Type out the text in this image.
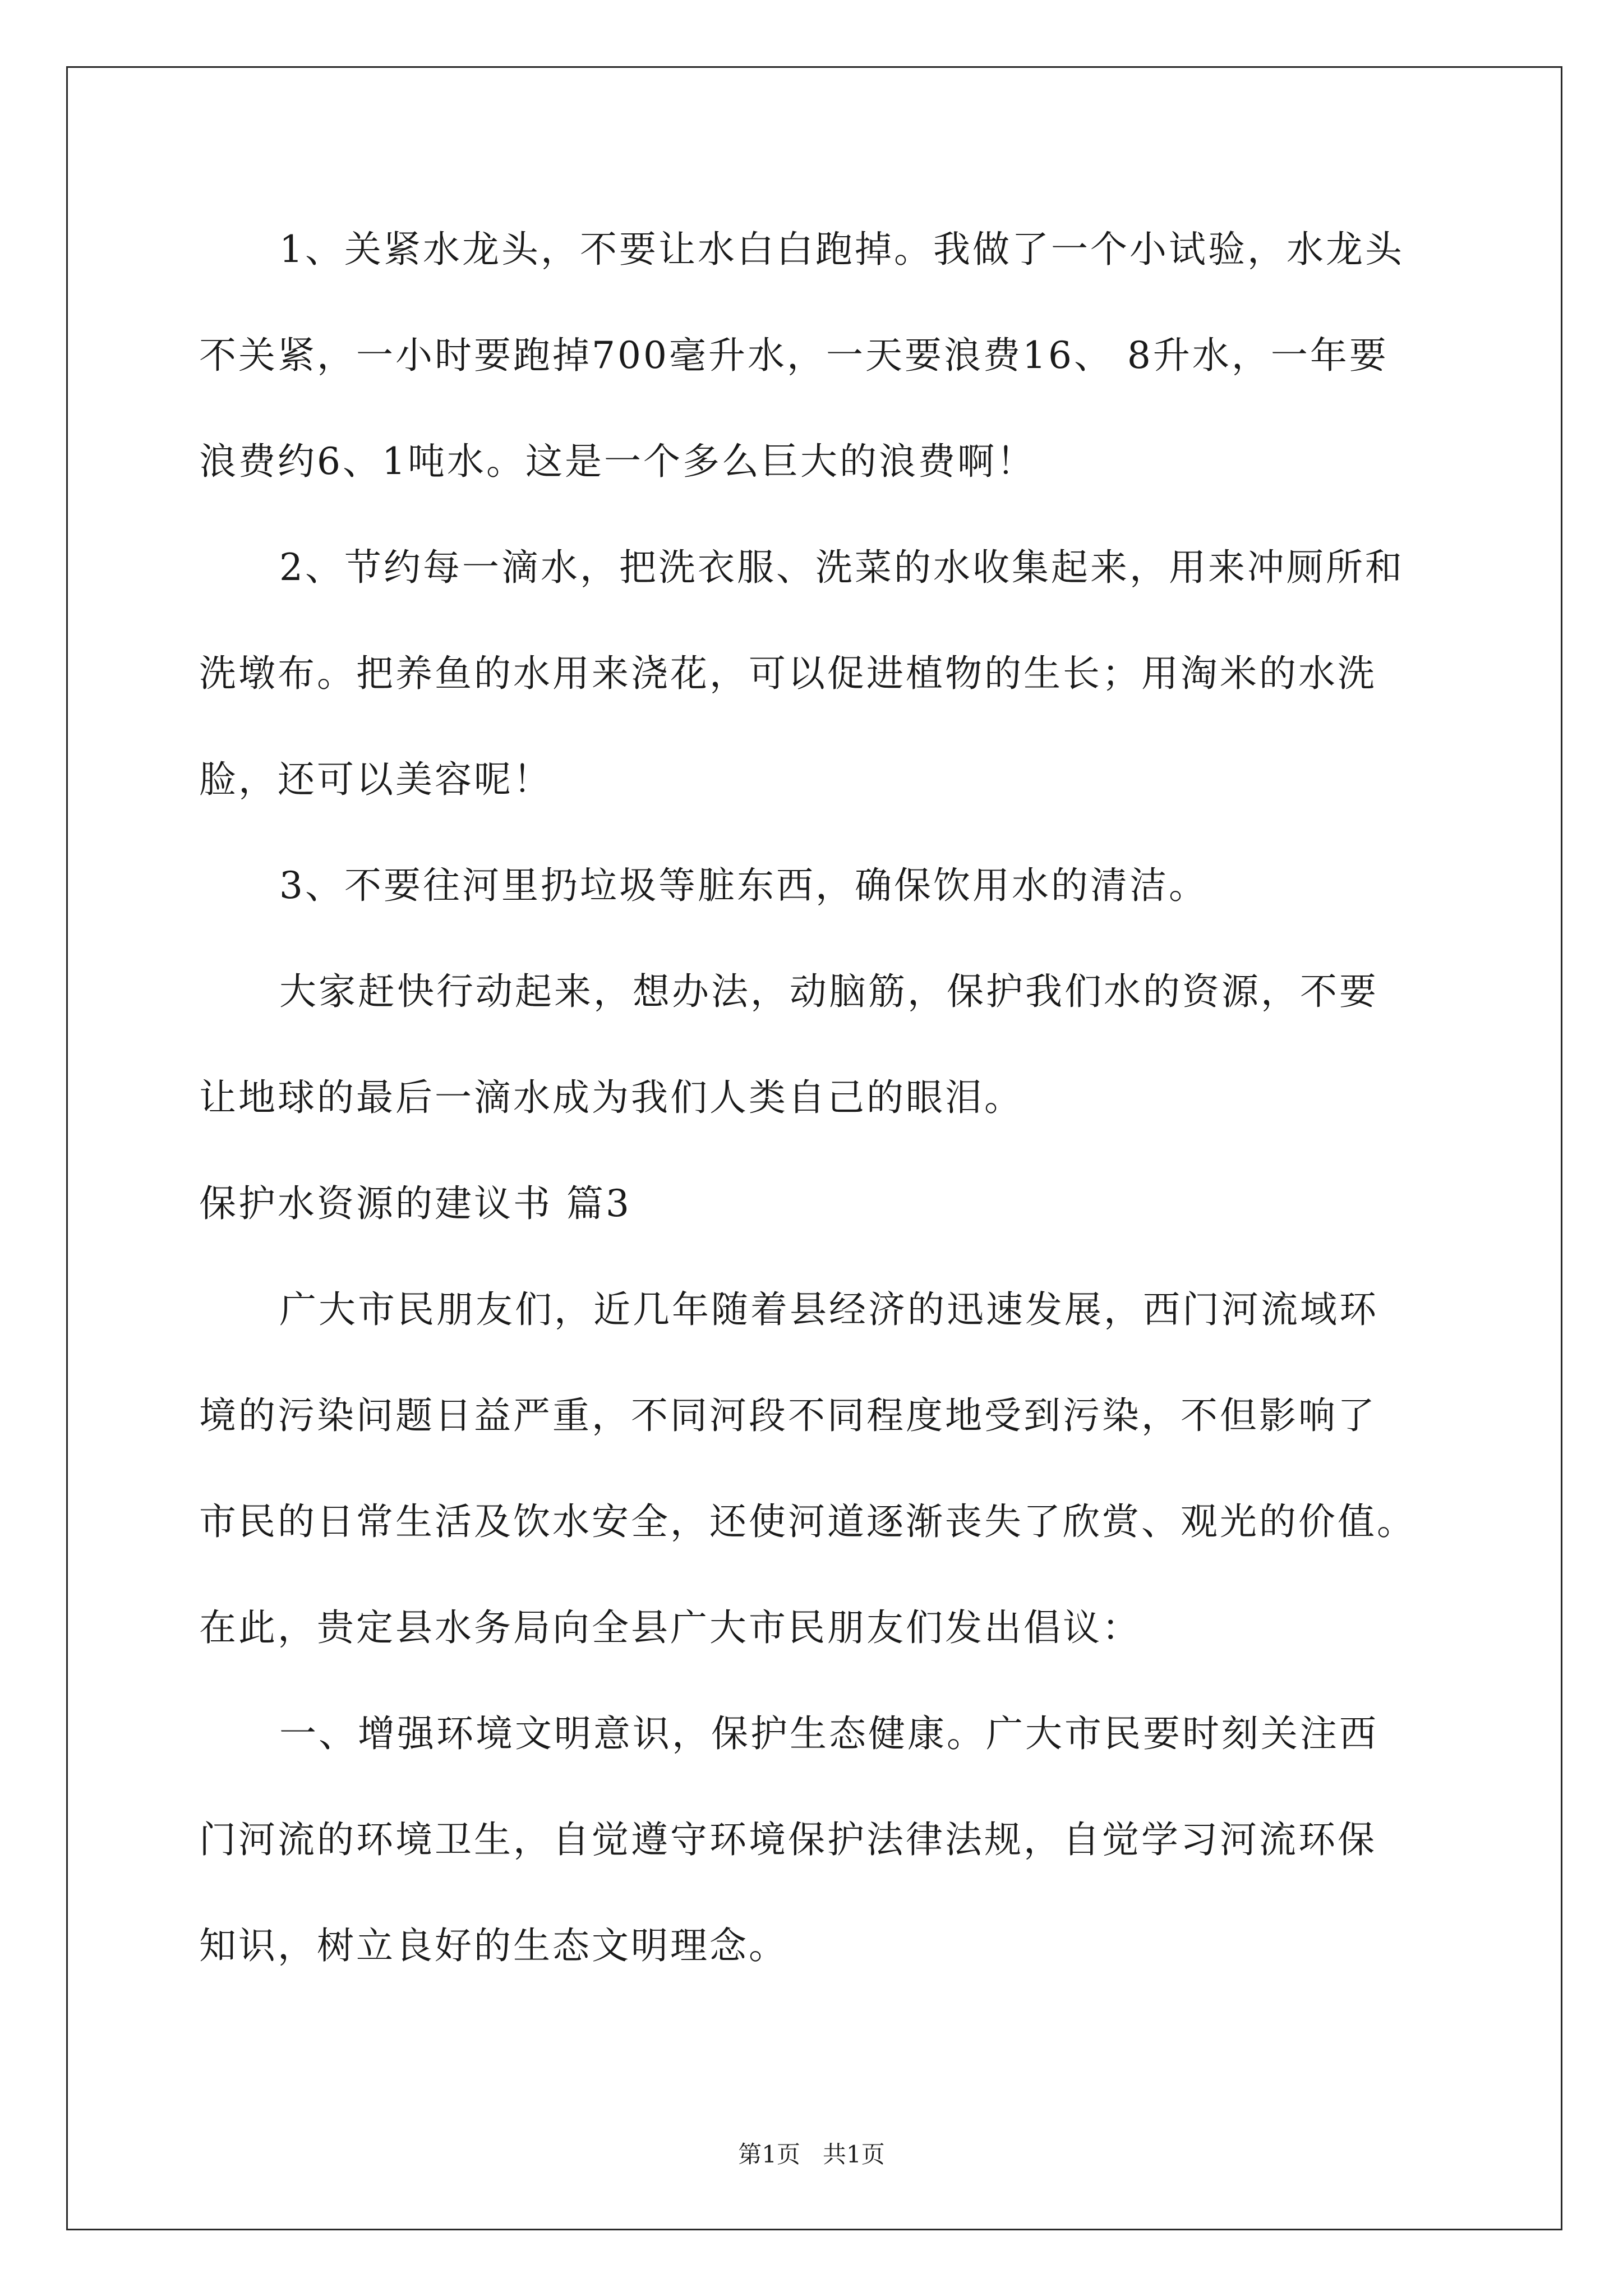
1、关紧水龙头，不要让水白白跑掉。我做了一个小试验，水龙头
不关紧，一小时要跑掉700毫升水，一天要浪费16、 8升水，一年要
浪费约6、1吨水。这是一个多么巨大的浪费啊！
2、节约每一滴水，把洗衣服、洗菜的水收集起来，用来冲厕所和
洗墩布。把养鱼的水用来浇花，可以促进植物的生长；用淘米的水洗
脸，还可以美容呢！
3、不要往河里扔垃圾等脏东西，确保饮用水的清洁。
大家赶快行动起来，想办法，动脑筋，保护我们水的资源，不要
让地球的最后一滴水成为我们人类自己的眼泪。
保护水资源的建议书 篇3
广大市民朋友们，近几年随着县经济的迅速发展，西门河流域环
境的污染问题日益严重，不同河段不同程度地受到污染，不但影响了
市民的日常生活及饮水安全，还使河道逐渐丧失了欣赏、观光的价值。
在此，贵定县水务局向全县广大市民朋友们发出倡议：
一、增强环境文明意识，保护生态健康。广大市民要时刻关注西
门河流的环境卫生，自觉遵守环境保护法律法规，自觉学习河流环保
知识，树立良好的生态文明理念。
第1页   共1页
